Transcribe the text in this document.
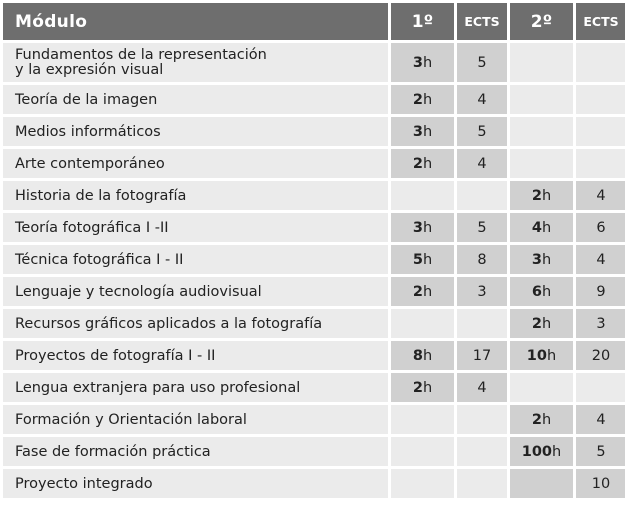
Módulo	1º	ECTS	2º	ECTS

Fundamentos de la representación
y la expresión visual	3h	5		

Teoría de la imagen	2h	4		

Medios informáticos	3h	5		

Arte contemporáneo	2h	4		

Historia de la fotografía			2h	4

Teoría fotográfica I -II	3h	5	4h	6

Técnica fotográfica I - II	5h	8	3h	4

Lenguaje y tecnología audiovisual	2h	3	6h	9

Recursos gráficos aplicados a la fotografía			2h	3

Proyectos de fotografía I - II	8h	17	10h	20

Lengua extranjera para uso profesional	2h	4		

Formación y Orientación laboral			2h	4

Fase de formación práctica			100h	5

Proyecto integrado				10
